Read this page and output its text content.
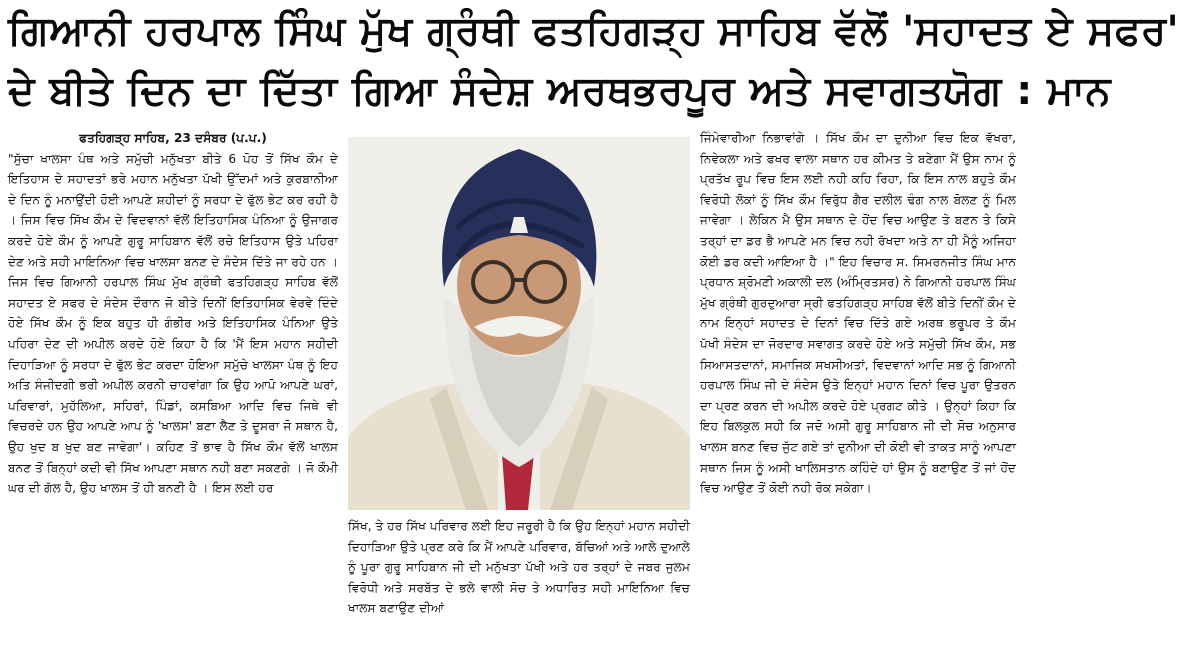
ਗਿਆਨੀ ਹਰਪਾਲ ਸਿੰਘ ਮੁੱਖ ਗ੍ਰੰਥੀ ਫਤਹਿਗੜ੍ਹ ਸਾਹਿਬ ਵੱਲੋਂ 'ਸਹਾਦਤ ਏ ਸਫਰ'
ਦੇ ਬੀਤੇ ਦਿਨ ਦਾ ਦਿੱਤਾ ਗਿਆ ਸੰਦੇਸ਼ ਅਰਥਭਰਪੂਰ ਅਤੇ ਸਵਾਗਤਯੋਗ : ਮਾਨ
ਫਤਹਿਗੜ੍ਹ ਸਾਹਿਬ, 23 ਦਸੰਬਰ (ਪ.ਪ.)
"ਸੁੱਚਾ ਖਾਲਸਾ ਪੰਥ ਅਤੇ ਸਮੁੱਚੀ ਮਨੁੱਖਤਾ ਬੀਤੇ 6 ਪੋਹ ਤੋਂ ਸਿੱਖ ਕੌਮ ਦੇ ਇਤਿਹਾਸ ਦੇ ਸਹਾਦਤਾਂ ਭਰੇ ਮਹਾਨ ਮਨੁੱਖਤਾ ਪੱਖੀ ਉੱਦਮਾਂ ਅਤੇ ਕੁਰਬਾਨੀਆ ਦੇ ਦਿਨ ਨੂੰ ਮਨਾਉਂਦੀ ਹੋਈ ਆਪਣੇ ਸ਼ਹੀਦਾਂ ਨੂੰ ਸਰਧਾ ਦੇ ਫੁੱਲ ਭੇਟ ਕਰ ਰਹੀ ਹੈ । ਜਿਸ ਵਿਚ ਸਿੱਖ ਕੌਮ ਦੇ ਵਿਦਵਾਨਾਂ ਵੱਲੋਂ ਇਤਿਹਾਸਿਕ ਪੰਨਿਆ ਨੂੰ ਉਜਾਗਰ ਕਰਦੇ ਹੋਏ ਕੌਮ ਨੂੰ ਆਪਣੇ ਗੁਰੂ ਸਾਹਿਬਾਨ ਵੱਲੋਂ ਰਚੇ ਇਤਿਹਾਸ ਉਤੇ ਪਹਿਰਾ ਦੇਣ ਅਤੇ ਸਹੀ ਮਾਇਨਿਆ ਵਿਚ ਖਾਲਸਾ ਬਨਣ ਦੇ ਸੰਦੇਸ ਦਿੱਤੇ ਜਾ ਰਹੇ ਹਨ । ਜਿਸ ਵਿਚ ਗਿਆਨੀ ਹਰਪਾਲ ਸਿੰਘ ਮੁੱਖ ਗ੍ਰੰਥੀ ਫਤਹਿਗੜ੍ਹ ਸਾਹਿਬ ਵੱਲੋਂ ਸਹਾਦਤ ਏ ਸਫਰ ਦੇ ਸੰਦੇਸ ਦੌਰਾਨ ਜੋ ਬੀਤੇ ਦਿਨੀਂ ਇਤਿਹਾਸਿਕ ਵੇਰਵੇ ਦਿੰਦੇ ਹੋਏ ਸਿੱਖ ਕੌਮ ਨੂੰ ਇਕ ਬਹੁਤ ਹੀ ਗੰਭੀਰ ਅਤੇ ਇਤਿਹਾਸਿਕ ਪੰਨਿਆ ਉਤੇ ਪਹਿਰਾ ਦੇਣ ਦੀ ਅਪੀਲ ਕਰਦੇ ਹੋਏ ਕਿਹਾ ਹੈ ਕਿ 'ਮੈਂ ਇਸ ਮਹਾਨ ਸਹੀਦੀ ਦਿਹਾੜਿਆ ਨੂੰ ਸਰਧਾ ਦੇ ਫੁੱਲ ਭੇਟ ਕਰਦਾ ਹੋਇਆ ਸਮੁੱਚੇ ਖਾਲਸਾ ਪੰਥ ਨੂੰ ਇਹ ਅਤਿ ਸੰਜੀਦਗੀ ਭਰੀ ਅਪੀਲ ਕਰਨੀ ਚਾਹਵਾਂਗਾ ਕਿ ਉਹ ਆਪੋ ਆਪਣੇ ਘਰਾਂ, ਪਰਿਵਾਰਾਂ, ਮੁਹੱਲਿਆ, ਸਹਿਰਾਂ, ਪਿੰਡਾਂ, ਕਸਬਿਆ ਆਦਿ ਵਿਚ ਜਿਥੇ ਵੀ ਵਿਚਰਦੇ ਹਨ ਉਹ ਆਪਣੇ ਆਪ ਨੂੰ 'ਖਾਲਸ' ਬਣਾ ਲੈਣ ਤੇ ਦੂਸਰਾ ਜੋ ਸਥਾਨ ਹੈ, ਉਹ ਖੁਦ ਬ ਖੁਦ ਬਣ ਜਾਵੇਗਾ'। ਕਹਿਣ ਤੋਂ ਭਾਵ ਹੈ ਸਿੱਖ ਕੌਮ ਵੱਲੋਂ ਖਾਲਸ ਬਨਣ ਤੋਂ ਬਿਨ੍ਹਾਂ ਕਦੀ ਵੀ ਸਿੱਖ ਆਪਣਾ ਸਥਾਨ ਨਹੀ ਬਣਾ ਸਕਣਗੇ । ਜੋ ਕੌਮੀ ਘਰ ਦੀ ਗੱਲ ਹੈ, ਉਹ ਖਾਲਸ ਤੋਂ ਹੀ ਬਨਣੀ ਹੈ । ਇਸ ਲਈ ਹਰ
ਸਿੱਖ, ਤੇ ਹਰ ਸਿੱਖ ਪਰਿਵਾਰ ਲਈ ਇਹ ਜਰੂਰੀ ਹੈ ਕਿ ਉਹ ਇਨ੍ਹਾਂ ਮਹਾਨ ਸਹੀਦੀ ਦਿਹਾੜਿਆ ਉਤੇ ਪ੍ਰਣ ਕਰੇ ਕਿ ਮੈਂ ਆਪਣੇ ਪਰਿਵਾਰ, ਬੱਚਿਆਂ ਅਤੇ ਆਲੇ ਦੁਆਲੇ ਨੂੰ ਪੂਰਾ ਗੁਰੂ ਸਾਹਿਬਾਨ ਜੀ ਦੀ ਮਨੁੱਖਤਾ ਪੱਖੀ ਅਤੇ ਹਰ ਤਰ੍ਹਾਂ ਦੇ ਜਬਰ ਜੁਲਮ ਵਿਰੋਧੀ ਅਤੇ ਸਰਬੱਤ ਦੇ ਭਲੇ ਵਾਲੀ ਸੋਚ ਤੇ ਅਧਾਰਿਤ ਸਹੀ ਮਾਇਨਿਆ ਵਿਚ ਖਾਲਸ ਬਣਾਉਣ ਦੀਆਂ
ਜਿੰਮੇਵਾਰੀਆ ਨਿਭਾਵਾਂਗੇ । ਸਿੱਖ ਕੌਮ ਦਾ ਦੁਨੀਆ ਵਿਚ ਇਕ ਵੱਖਰਾ, ਨਿਵੇਕਲਾ ਅਤੇ ਫਖਰ ਵਾਲਾ ਸਥਾਨ ਹਰ ਕੀਮਤ ਤੇ ਬਣੇਗਾ ਮੈਂ ਉਸ ਨਾਮ ਨੂੰ ਪ੍ਰਤੱਖ ਰੂਪ ਵਿਚ ਇਸ ਲਈ ਨਹੀ ਕਹਿ ਰਿਹਾ, ਕਿ ਇਸ ਨਾਲ ਬਹੁਤੇ ਕੌਮ ਵਿਰੋਧੀ ਲੋਕਾਂ ਨੂੰ ਸਿੱਖ ਕੌਮ ਵਿਰੁੱਧ ਗੈਰ ਦਲੀਲ ਢੰਗ ਨਾਲ ਬੋਲਣ ਨੂੰ ਮਿਲ ਜਾਵੇਗਾ । ਲੇਕਿਨ ਮੈ ਉਸ ਸਥਾਨ ਦੇ ਹੋਂਦ ਵਿਚ ਆਉਣ ਤੇ ਬਣਨ ਤੇ ਕਿਸੇ ਤਰ੍ਹਾਂ ਦਾ ਡਰ ਭੈ ਆਪਣੇ ਮਨ ਵਿਚ ਨਹੀ ਰੱਖਦਾ ਅਤੇ ਨਾ ਹੀ ਮੈਨੂੰ ਅਜਿਹਾ ਕੋਈ ਡਰ ਕਦੀ ਆਇਆ ਹੈ ।" ਇਹ ਵਿਚਾਰ ਸ. ਸਿਮਰਨਜੀਤ ਸਿੰਘ ਮਾਨ ਪ੍ਰਧਾਨ ਸ਼੍ਰੋਮਣੀ ਅਕਾਲੀ ਦਲ (ਅੰਮ੍ਰਿਤਸਰ) ਨੇ ਗਿਆਨੀ ਹਰਪਾਲ ਸਿੰਘ ਮੁੱਖ ਗ੍ਰੰਥੀ ਗੁਰਦੁਆਰਾ ਸ੍ਰੀ ਫਤਹਿਗੜ੍ਹ ਸਾਹਿਬ ਵੱਲੋਂ ਬੀਤੇ ਦਿਨੀਂ ਕੌਮ ਦੇ ਨਾਮ ਇਨ੍ਹਾਂ ਸਹਾਦਤ ਦੇ ਦਿਨਾਂ ਵਿਚ ਦਿੱਤੇ ਗਏ ਅਰਥ ਭਰੂਪਰ ਤੇ ਕੌਮ ਪੱਖੀ ਸੰਦੇਸ ਦਾ ਜੋਰਦਾਰ ਸਵਾਗਤ ਕਰਦੇ ਹੋਏ ਅਤੇ ਸਮੁੱਚੀ ਸਿੱਖ ਕੌਮ, ਸਭ ਸਿਆਸਤਦਾਨਾਂ, ਸਮਾਜਿਕ ਸਖਸੀਅਤਾਂ, ਵਿਦਵਾਨਾਂ ਆਦਿ ਸਭ ਨੂੰ ਗਿਆਨੀ ਹਰਪਾਲ ਸਿੰਘ ਜੀ ਦੇ ਸੰਦੇਸ ਉਤੇ ਇਨ੍ਹਾਂ ਮਹਾਨ ਦਿਨਾਂ ਵਿਚ ਪੂਰਾ ਉਤਰਨ ਦਾ ਪ੍ਰਣ ਕਰਨ ਦੀ ਅਪੀਲ ਕਰਦੇ ਹੋਏ ਪ੍ਰਗਟ ਕੀਤੇ । ਉਨ੍ਹਾਂ ਕਿਹਾ ਕਿ ਇਹ ਬਿਲਕੁਲ ਸਹੀ ਕਿ ਜਦੋ ਅਸੀ ਗੁਰੂ ਸਾਹਿਬਾਨ ਜੀ ਦੀ ਸੋਚ ਅਨੁਸਾਰ ਖਾਲਸ ਬਨਣ ਵਿਚ ਜੁੱਟ ਗਏ ਤਾਂ ਦੁਨੀਆ ਦੀ ਕੋਈ ਵੀ ਤਾਕਤ ਸਾਨੂੰ ਆਪਣਾ ਸਥਾਨ ਜਿਸ ਨੂੰ ਅਸੀ ਖਾਲਿਸਤਾਨ ਕਹਿੰਦੇ ਹਾਂ ਉਸ ਨੂੰ ਬਣਾਉਣ ਤੋਂ ਜਾਂ ਹੋਂਦ ਵਿਚ ਆਉਣ ਤੋਂ ਕੋਈ ਨਹੀ ਰੋਕ ਸਕੇਗਾ।
